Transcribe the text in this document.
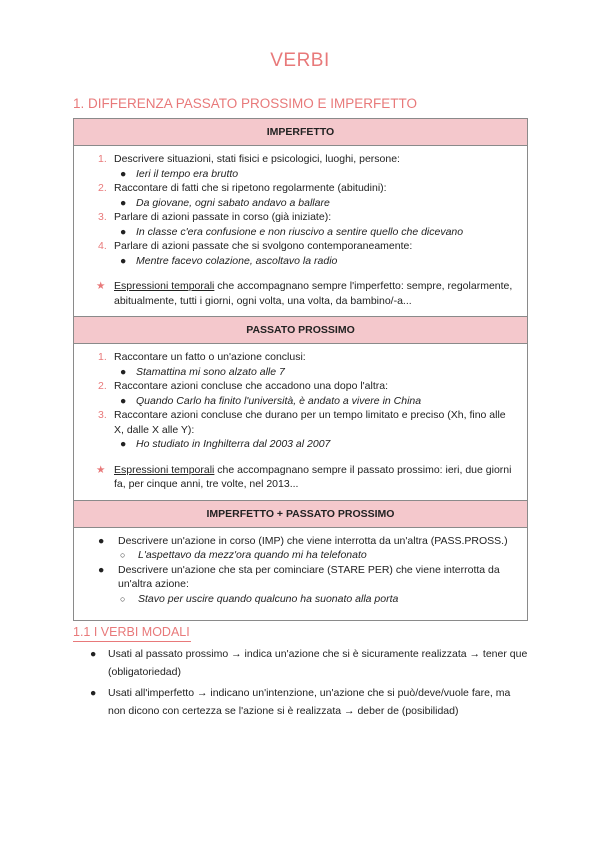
VERBI
1. DIFFERENZA PASSATO PROSSIMO E IMPERFETTO
IMPERFETTO

1. Descrivere situazioni, stati fisici e psicologici, luoghi, persone:
● Ieri il tempo era brutto
2. Raccontare di fatti che si ripetono regolarmente (abitudini):
● Da giovane, ogni sabato andavo a ballare
3. Parlare di azioni passate in corso (già iniziate):
● In classe c'era confusione e non riuscivo a sentire quello che dicevano
4. Parlare di azioni passate che si svolgono contemporaneamente:
● Mentre facevo colazione, ascoltavo la radio
★ Espressioni temporali che accompagnano sempre l'imperfetto: sempre, regolarmente, abitualmente, tutti i giorni, ogni volta, una volta, da bambino/-a...

PASSATO PROSSIMO

1. Raccontare un fatto o un'azione conclusi:
● Stamattina mi sono alzato alle 7
2. Raccontare azioni concluse che accadono una dopo l'altra:
● Quando Carlo ha finito l'università, è andato a vivere in China
3. Raccontare azioni concluse che durano per un tempo limitato e preciso (Xh, fino alle X, dalle X alle Y):
● Ho studiato in Inghilterra dal 2003 al 2007
★ Espressioni temporali che accompagnano sempre il passato prossimo: ieri, due giorni fa, per cinque anni, tre volte, nel 2013...

IMPERFETTO + PASSATO PROSSIMO

● Descrivere un'azione in corso (IMP) che viene interrotta da un'altra (PASS.PROSS.)
○ L'aspettavo da mezz'ora quando mi ha telefonato
● Descrivere un'azione che sta per cominciare (STARE PER) che viene interrotta da un'altra azione:
○ Stavo per uscire quando qualcuno ha suonato alla porta
1.1 I VERBI MODALI
● Usati al passato prossimo → indica un'azione che si è sicuramente realizzata → tener que (obligatoriedad)
● Usati all'imperfetto → indicano un'intenzione, un'azione che si può/deve/vuole fare, ma non dicono con certezza se l'azione si è realizzata → deber de (posibilidad)
